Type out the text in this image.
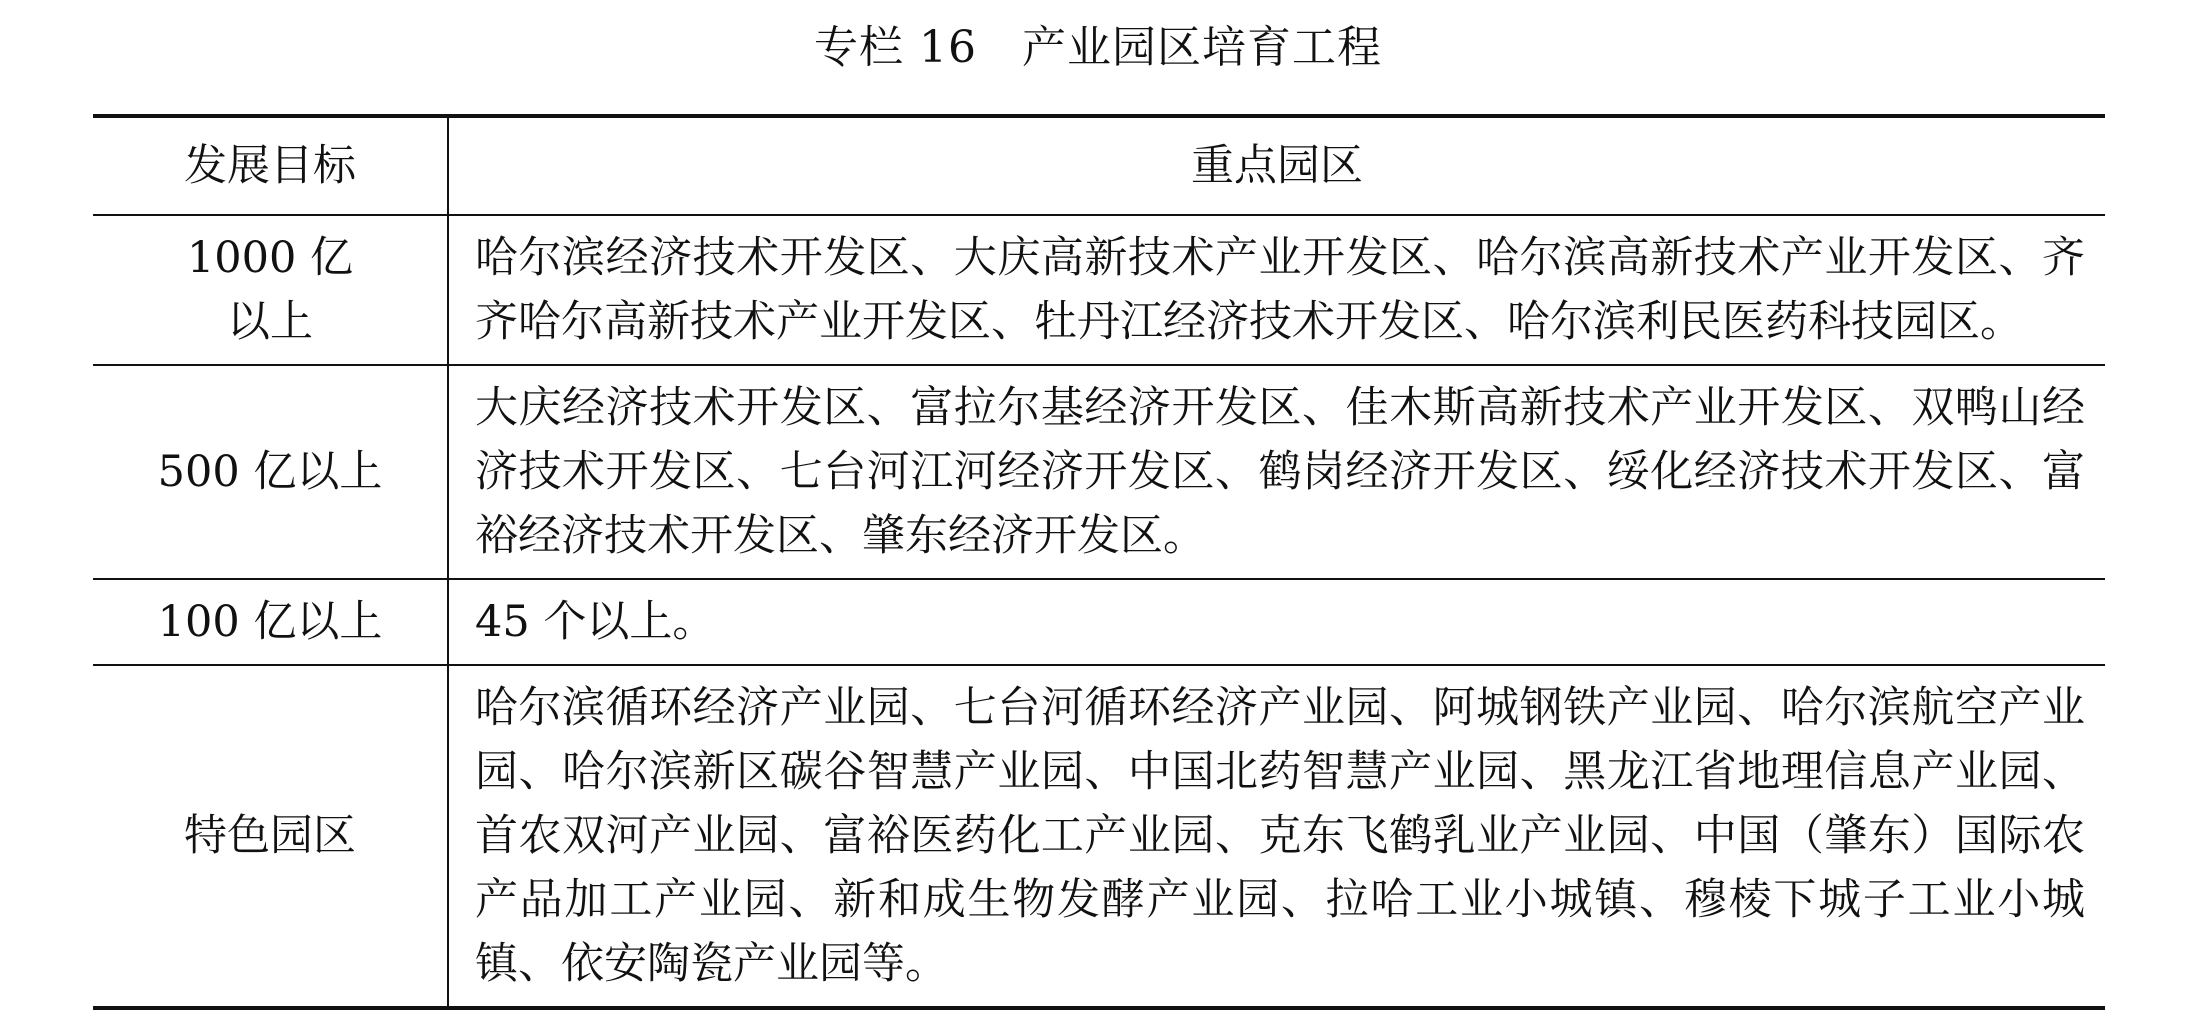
专栏 16　产业园区培育工程
发展目标	重点园区

1000 亿
以上	哈尔滨经济技术开发区、大庆高新技术产业开发区、哈尔滨高新技术产业开发区、齐齐哈尔高新技术产业开发区、牡丹江经济技术开发区、哈尔滨利民医药科技园区。

500 亿以上	大庆经济技术开发区、富拉尔基经济开发区、佳木斯高新技术产业开发区、双鸭山经济技术开发区、七台河江河经济开发区、鹤岗经济开发区、绥化经济技术开发区、富裕经济技术开发区、肇东经济开发区。

100 亿以上	45 个以上。

特色园区	哈尔滨循环经济产业园、七台河循环经济产业园、阿城钢铁产业园、哈尔滨航空产业园、哈尔滨新区碳谷智慧产业园、中国北药智慧产业园、黑龙江省地理信息产业园、首农双河产业园、富裕医药化工产业园、克东飞鹤乳业产业园、中国（肇东）国际农产品加工产业园、新和成生物发酵产业园、拉哈工业小城镇、穆棱下城子工业小城镇、依安陶瓷产业园等。
